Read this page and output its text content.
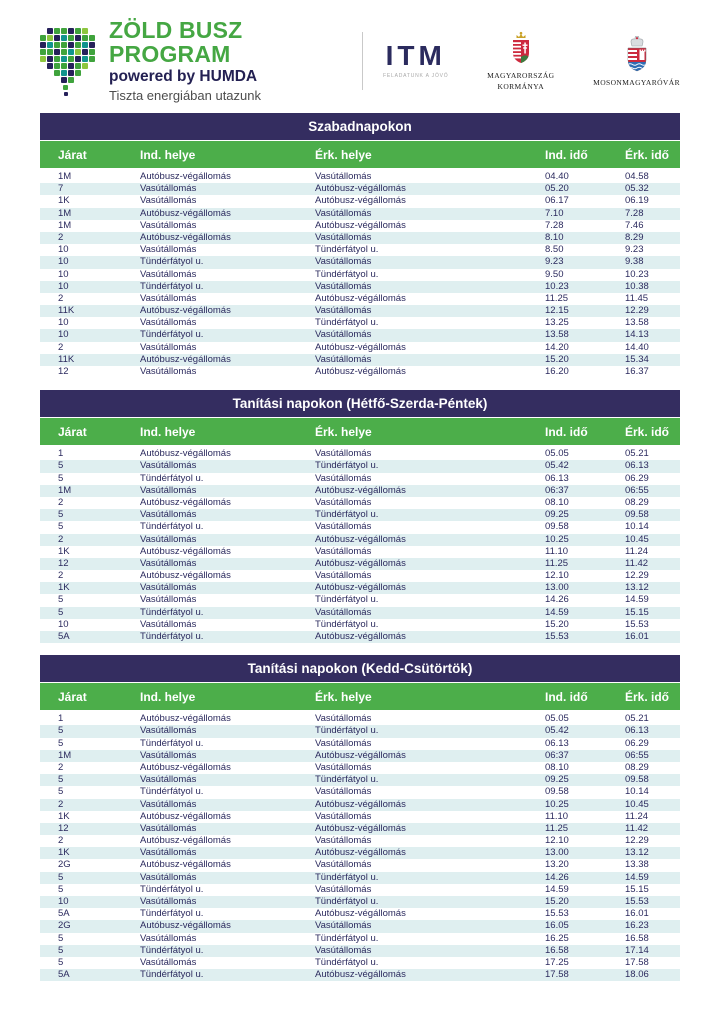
ZÖLD BUSZ PROGRAM
powered by HUMDA
Tiszta energiában utazunk
ITM
FELADATUNK A JÖVŐ	MAGYARORSZÁG
KORMÁNYA	MOSONMAGYARÓVÁR
Szabadnapokon
Járat	Ind. helye	Érk. helye	Ind. idő	Érk. idő
1M	Autóbusz-végállomás	Vasútállomás	04.40	04.58
7	Vasútállomás	Autóbusz-végállomás	05.20	05.32
1K	Vasútállomás	Autóbusz-végállomás	06.17	06.19
1M	Autóbusz-végállomás	Vasútállomás	7.10	7.28
1M	Vasútállomás	Autóbusz-végállomás	7.28	7.46
2	Autóbusz-végállomás	Vasútállomás	8.10	8.29
10	Vasútállomás	Tündérfátyol u.	8.50	9.23
10	Tündérfátyol u.	Vasútállomás	9.23	9.38
10	Vasútállomás	Tündérfátyol u.	9.50	10.23
10	Tündérfátyol u.	Vasútállomás	10.23	10.38
2	Vasútállomás	Autóbusz-végállomás	11.25	11.45
11K	Autóbusz-végállomás	Vasútállomás	12.15	12.29
10	Vasútállomás	Tündérfátyol u.	13.25	13.58
10	Tündérfátyol u.	Vasútállomás	13.58	14.13
2	Vasútállomás	Autóbusz-végállomás	14.20	14.40
11K	Autóbusz-végállomás	Vasútállomás	15.20	15.34
12	Vasútállomás	Autóbusz-végállomás	16.20	16.37
Tanítási napokon (Hétfő-Szerda-Péntek)
Járat	Ind. helye	Érk. helye	Ind. idő	Érk. idő
1	Autóbusz-végállomás	Vasútállomás	05.05	05.21
5	Vasútállomás	Tündérfátyol u.	05.42	06.13
5	Tündérfátyol u.	Vasútállomás	06.13	06.29
1M	Vasútállomás	Autóbusz-végállomás	06:37	06:55
2	Autóbusz-végállomás	Vasútállomás	08.10	08.29
5	Vasútállomás	Tündérfátyol u.	09.25	09.58
5	Tündérfátyol u.	Vasútállomás	09.58	10.14
2	Vasútállomás	Autóbusz-végállomás	10.25	10.45
1K	Autóbusz-végállomás	Vasútállomás	11.10	11.24
12	Vasútállomás	Autóbusz-végállomás	11.25	11.42
2	Autóbusz-végállomás	Vasútállomás	12.10	12.29
1K	Vasútállomás	Autóbusz-végállomás	13.00	13.12
5	Vasútállomás	Tündérfátyol u.	14.26	14.59
5	Tündérfátyol u.	Vasútállomás	14.59	15.15
10	Vasútállomás	Tündérfátyol u.	15.20	15.53
5A	Tündérfátyol u.	Autóbusz-végállomás	15.53	16.01
Tanítási napokon (Kedd-Csütörtök)
Járat	Ind. helye	Érk. helye	Ind. idő	Érk. idő
1	Autóbusz-végállomás	Vasútállomás	05.05	05.21
5	Vasútállomás	Tündérfátyol u.	05.42	06.13
5	Tündérfátyol u.	Vasútállomás	06.13	06.29
1M	Vasútállomás	Autóbusz-végállomás	06:37	06:55
2	Autóbusz-végállomás	Vasútállomás	08.10	08.29
5	Vasútállomás	Tündérfátyol u.	09.25	09.58
5	Tündérfátyol u.	Vasútállomás	09.58	10.14
2	Vasútállomás	Autóbusz-végállomás	10.25	10.45
1K	Autóbusz-végállomás	Vasútállomás	11.10	11.24
12	Vasútállomás	Autóbusz-végállomás	11.25	11.42
2	Autóbusz-végállomás	Vasútállomás	12.10	12.29
1K	Vasútállomás	Autóbusz-végállomás	13.00	13.12
2G	Autóbusz-végállomás	Vasútállomás	13.20	13.38
5	Vasútállomás	Tündérfátyol u.	14.26	14.59
5	Tündérfátyol u.	Vasútállomás	14.59	15.15
10	Vasútállomás	Tündérfátyol u.	15.20	15.53
5A	Tündérfátyol u.	Autóbusz-végállomás	15.53	16.01
2G	Autóbusz-végállomás	Vasútállomás	16.05	16.23
5	Vasútállomás	Tündérfátyol u.	16.25	16.58
5	Tündérfátyol u.	Vasútállomás	16.58	17.14
5	Vasútállomás	Tündérfátyol u.	17.25	17.58
5A	Tündérfátyol u.	Autóbusz-végállomás	17.58	18.06
